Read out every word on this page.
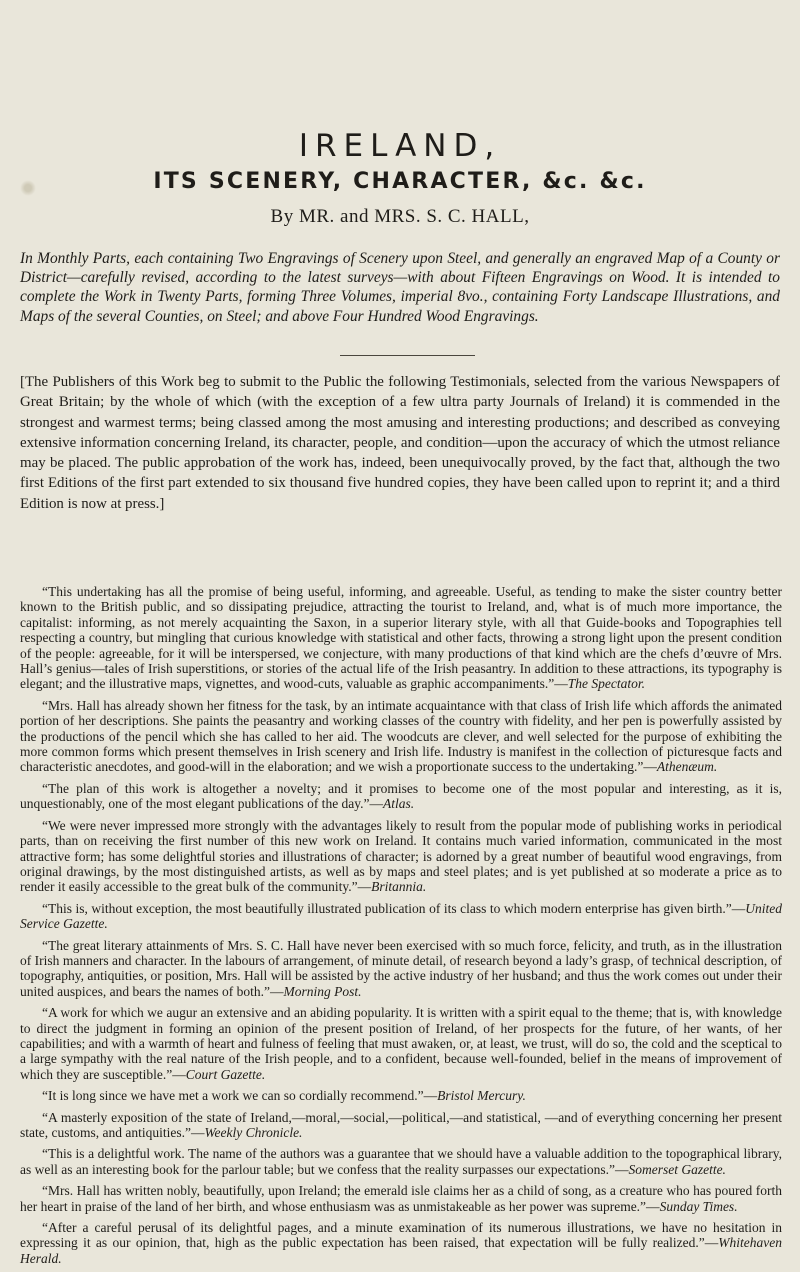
IRELAND,
ITS SCENERY, CHARACTER, &c. &c.
By MR. and MRS. S. C. HALL,
In Monthly Parts, each containing Two Engravings of Scenery upon Steel, and generally an engraved Map of a County or District—carefully revised, according to the latest surveys—with about Fifteen Engravings on Wood. It is intended to complete the Work in Twenty Parts, forming Three Volumes, imperial 8vo., containing Forty Landscape Illustrations, and Maps of the several Counties, on Steel; and above Four Hundred Wood Engravings.
[The Publishers of this Work beg to submit to the Public the following Testimonials, selected from the various Newspapers of Great Britain; by the whole of which (with the exception of a few ultra party Journals of Ireland) it is commended in the strongest and warmest terms; being classed among the most amusing and interesting productions; and described as conveying extensive information concerning Ireland, its character, people, and condition—upon the accuracy of which the utmost reliance may be placed. The public approbation of the work has, indeed, been unequivocally proved, by the fact that, although the two first Editions of the first part extended to six thousand five hundred copies, they have been called upon to reprint it; and a third Edition is now at press.]

“This undertaking has all the promise of being useful, informing, and agreeable. Useful, as tending to make the sister country better known to the British public, and so dissipating prejudice, attracting the tourist to Ireland, and, what is of much more importance, the capitalist: informing, as not merely acquainting the Saxon, in a superior literary style, with all that Guide-books and Topographies tell respecting a country, but mingling that curious knowledge with statistical and other facts, throwing a strong light upon the present condition of the people: agreeable, for it will be interspersed, we conjecture, with many productions of that kind which are the chefs d’œuvre of Mrs. Hall’s genius—tales of Irish superstitions, or stories of the actual life of the Irish peasantry. In addition to these attractions, its typography is elegant; and the illustrative maps, vignettes, and wood-cuts, valuable as graphic accompaniments.”—The Spectator.

“Mrs. Hall has already shown her fitness for the task, by an intimate acquaintance with that class of Irish life which affords the animated portion of her descriptions. She paints the peasantry and working classes of the country with fidelity, and her pen is powerfully assisted by the productions of the pencil which she has called to her aid. The woodcuts are clever, and well selected for the purpose of exhibiting the more common forms which present themselves in Irish scenery and Irish life. Industry is manifest in the collection of picturesque facts and characteristic anecdotes, and good-will in the elaboration; and we wish a proportionate success to the undertaking.”—Athenæum.

“The plan of this work is altogether a novelty; and it promises to become one of the most popular and interesting, as it is, unquestionably, one of the most elegant publications of the day.”—Atlas.

“We were never impressed more strongly with the advantages likely to result from the popular mode of publishing works in periodical parts, than on receiving the first number of this new work on Ireland. It contains much varied information, communicated in the most attractive form; has some delightful stories and illustrations of character; is adorned by a great number of beautiful wood engravings, from original drawings, by the most distinguished artists, as well as by maps and steel plates; and is yet published at so moderate a price as to render it easily accessible to the great bulk of the community.”—Britannia.

“This is, without exception, the most beautifully illustrated publication of its class to which modern enterprise has given birth.”—United Service Gazette.

“The great literary attainments of Mrs. S. C. Hall have never been exercised with so much force, felicity, and truth, as in the illustration of Irish manners and character. In the labours of arrangement, of minute detail, of research beyond a lady’s grasp, of technical description, of topography, antiquities, or position, Mrs. Hall will be assisted by the active industry of her husband; and thus the work comes out under their united auspices, and bears the names of both.”—Morning Post.

“A work for which we augur an extensive and an abiding popularity. It is written with a spirit equal to the theme; that is, with knowledge to direct the judgment in forming an opinion of the present position of Ireland, of her prospects for the future, of her wants, of her capabilities; and with a warmth of heart and fulness of feeling that must awaken, or, at least, we trust, will do so, the cold and the sceptical to a large sympathy with the real nature of the Irish people, and to a confident, because well-founded, belief in the means of improvement of which they are susceptible.”—Court Gazette.

“It is long since we have met a work we can so cordially recommend.”—Bristol Mercury.

“A masterly exposition of the state of Ireland,—moral,—social,—political,—and statistical, —and of everything concerning her present state, customs, and antiquities.”—Weekly Chronicle.

“This is a delightful work. The name of the authors was a guarantee that we should have a valuable addition to the topographical library, as well as an interesting book for the parlour table; but we confess that the reality surpasses our expectations.”—Somerset Gazette.

“Mrs. Hall has written nobly, beautifully, upon Ireland; the emerald isle claims her as a child of song, as a creature who has poured forth her heart in praise of the land of her birth, and whose enthusiasm was as unmistakeable as her power was supreme.”—Sunday Times.

“After a careful perusal of its delightful pages, and a minute examination of its numerous illustrations, we have no hesitation in expressing it as our opinion, that, high as the public expectation has been raised, that expectation will be fully realized.”—Whitehaven Herald.
